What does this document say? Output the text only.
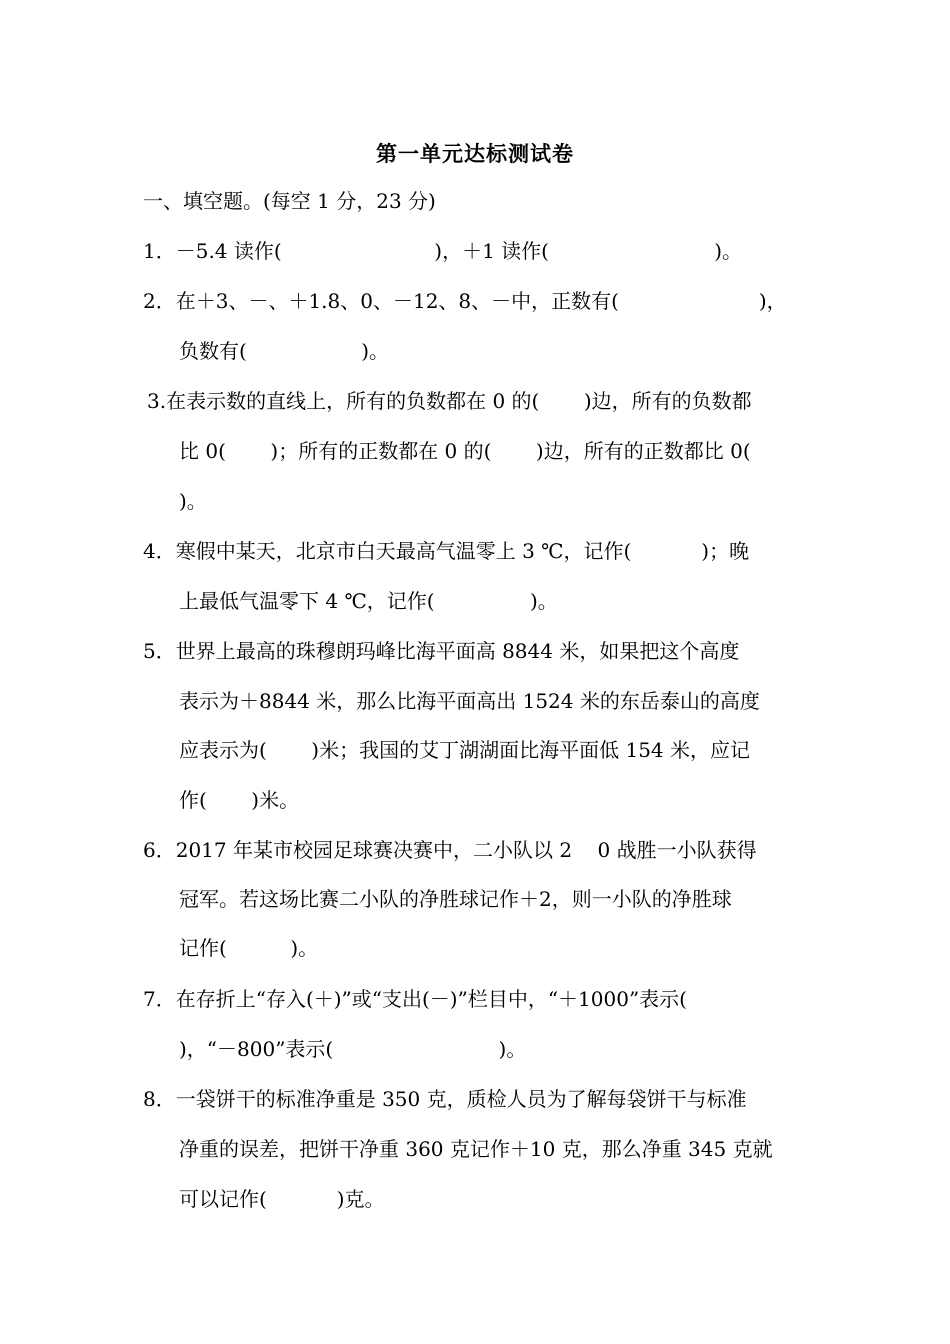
第一单元达标测试卷
一、填空题。(每空 1 分，23 分)
1．－5.4 读作(                        )，＋1 读作(                          )。
2．在＋3、－、＋1.8、0、－12、8、－中，正数有(                      )，
负数有(                  )。
3.在表示数的直线上，所有的负数都在 0 的(       )边，所有的负数都
比 0(       )；所有的正数都在 0 的(       )边，所有的正数都比 0(
)。
4．寒假中某天，北京市白天最高气温零上 3 ℃，记作(           )；晚
上最低气温零下 4 ℃，记作(               )。
5．世界上最高的珠穆朗玛峰比海平面高 8844 米，如果把这个高度
表示为＋8844 米，那么比海平面高出 1524 米的东岳泰山的高度
应表示为(       )米；我国的艾丁湖湖面比海平面低 154 米，应记
作(       )米。
6．2017 年某市校园足球赛决赛中，二小队以 2    0 战胜一小队获得
冠军。若这场比赛二小队的净胜球记作＋2，则一小队的净胜球
记作(          )。
7．在存折上“存入(＋)”或“支出(－)”栏目中，“＋1000”表示(
)，“－800”表示(                          )。
8．一袋饼干的标准净重是 350 克，质检人员为了解每袋饼干与标准
净重的误差，把饼干净重 360 克记作＋10 克，那么净重 345 克就
可以记作(           )克。
